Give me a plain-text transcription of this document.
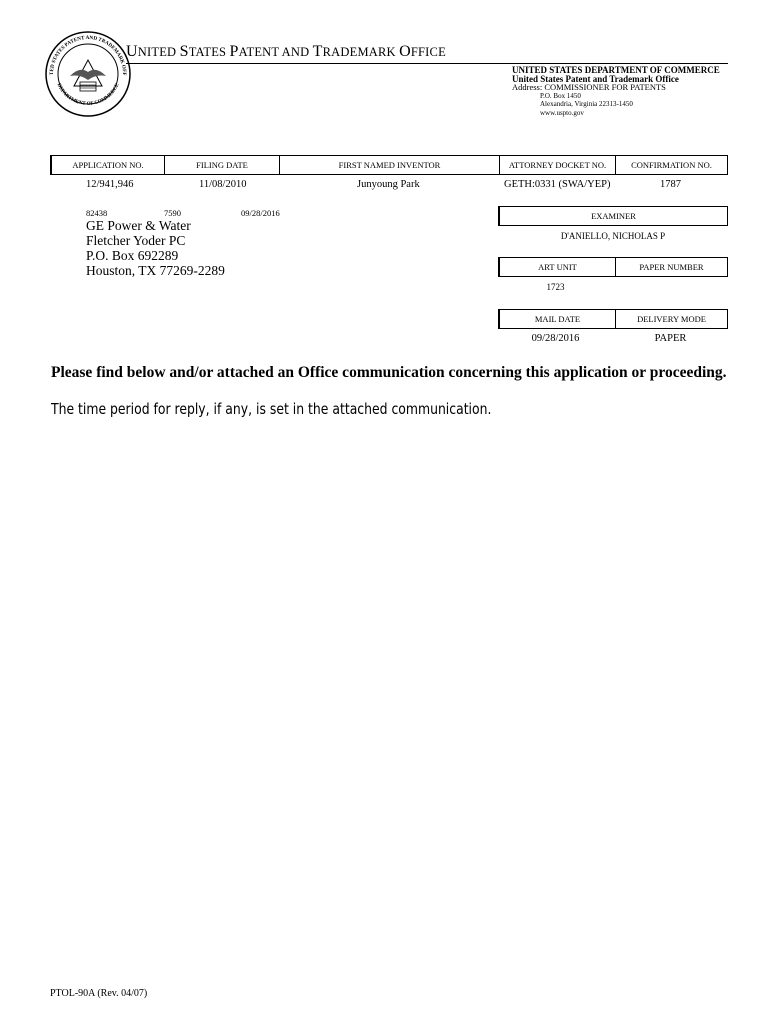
TED STATES PATENT AND TRADEMARK OFF
DEPARTMENT OF COMMERCE
UNITED STATES PATENT AND TRADEMARK OFFICE
UNITED STATES DEPARTMENT OF COMMERCE
United States Patent and Trademark Office
Address: COMMISSIONER FOR PATENTS
P.O. Box 1450
Alexandria, Virginia 22313-1450
www.uspto.gov
APPLICATION NO.	FILING DATE	FIRST NAMED INVENTOR	ATTORNEY DOCKET NO.	CONFIRMATION NO.
12/941,946	11/08/2010	Junyoung Park	GETH:0331 (SWA/YEP)	1787
82438	7590	09/28/2016
GE Power & Water
Fletcher Yoder PC
P.O. Box 692289
Houston, TX 77269-2289
EXAMINER
D'ANIELLO, NICHOLAS P
ART UNIT	PAPER NUMBER
1723
MAIL DATE	DELIVERY MODE
09/28/2016	PAPER
Please find below and/or attached an Office communication concerning this application or proceeding.
The time period for reply, if any, is set in the attached communication.
PTOL-90A (Rev. 04/07)
